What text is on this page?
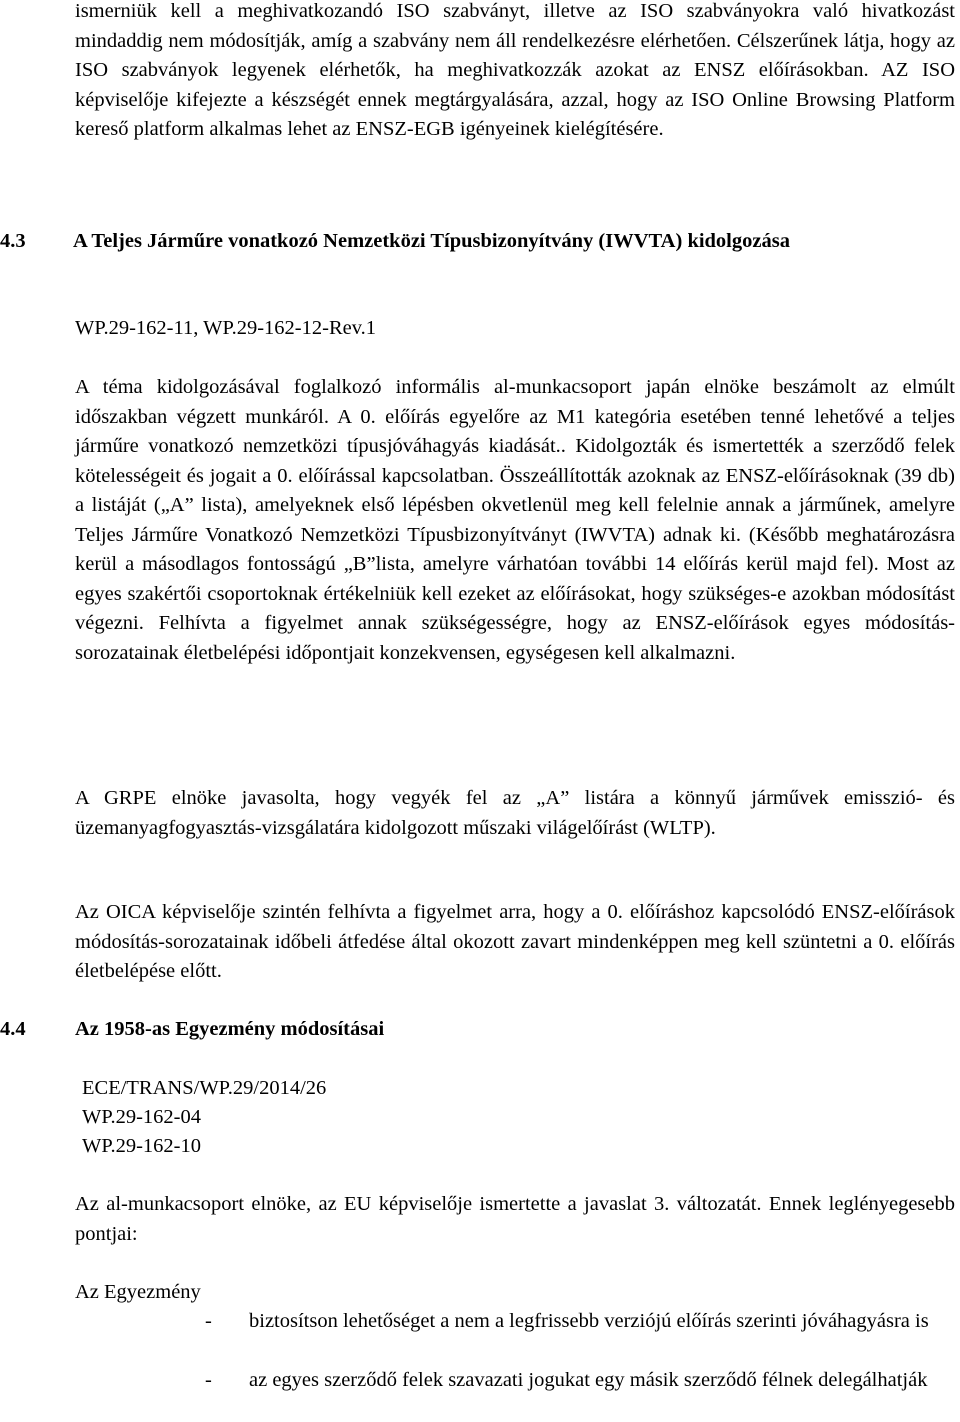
ismerniük kell a meghivatkozandó ISO szabványt, illetve az ISO szabványokra való hivatkozást mindaddig nem módosítják, amíg a szabvány nem áll rendelkezésre elérhetően. Célszerűnek látja, hogy az ISO szabványok legyenek elérhetők, ha meghivatkozzák azokat az ENSZ előírásokban. AZ ISO képviselője kifejezte a készségét ennek megtárgyalására, azzal, hogy az ISO Online Browsing Platform kereső platform alkalmas lehet az ENSZ-EGB igényeinek kielégítésére.

4.3 A Teljes Járműre vonatkozó Nemzetközi Típusbizonyítvány (IWVTA) kidolgozása
WP.29-162-11, WP.29-162-12-Rev.1

A téma kidolgozásával foglalkozó informális al-munkacsoport japán elnöke beszámolt az elmúlt időszakban végzett munkáról. A 0. előírás egyelőre az M1 kategória esetében tenné lehetővé a teljes járműre vonatkozó nemzetközi típusjóváhagyás kiadását.. Kidolgozták és ismertették a szerződő felek kötelességeit és jogait a 0. előírással kapcsolatban. Összeállították azoknak az ENSZ-előírásoknak (39 db) a listáját („A” lista), amelyeknek első lépésben okvetlenül meg kell felelnie annak a járműnek, amelyre Teljes Járműre Vonatkozó Nemzetközi Típusbizonyítványt (IWVTA) adnak ki. (Később meghatározásra kerül a másodlagos fontosságú „B”lista, amelyre várhatóan további 14 előírás kerül majd fel). Most az egyes szakértői csoportoknak értékelniük kell ezeket az előírásokat, hogy szükséges-e azokban módosítást végezni. Felhívta a figyelmet annak szükségességre, hogy az ENSZ-előírások egyes módosítás-sorozatainak életbelépési időpontjait konzekvensen, egységesen kell alkalmazni.

A GRPE elnöke javasolta, hogy vegyék fel az „A” listára a könnyű járművek emisszió- és üzemanyagfogyasztás-vizsgálatára kidolgozott műszaki világelőírást (WLTP).

Az OICA képviselője szintén felhívta a figyelmet arra, hogy a 0. előíráshoz kapcsolódó ENSZ-előírások módosítás-sorozatainak időbeli átfedése által okozott zavart mindenképpen meg kell szüntetni a 0. előírás életbelépése előtt.

4.4 Az 1958-as Egyezmény módosításai
ECE/TRANS/WP.29/2014/26
WP.29-162-04
WP.29-162-10

Az al-munkacsoport elnöke, az EU képviselője ismertette a javaslat 3. változatát. Ennek leglényegesebb pontjai:

Az Egyezmény
- biztosítson lehetőséget a nem a legfrissebb verziójú előírás szerinti jóváhagyásra is
- az egyes szerződő felek szavazati jogukat egy másik szerződő félnek delegálhatják
